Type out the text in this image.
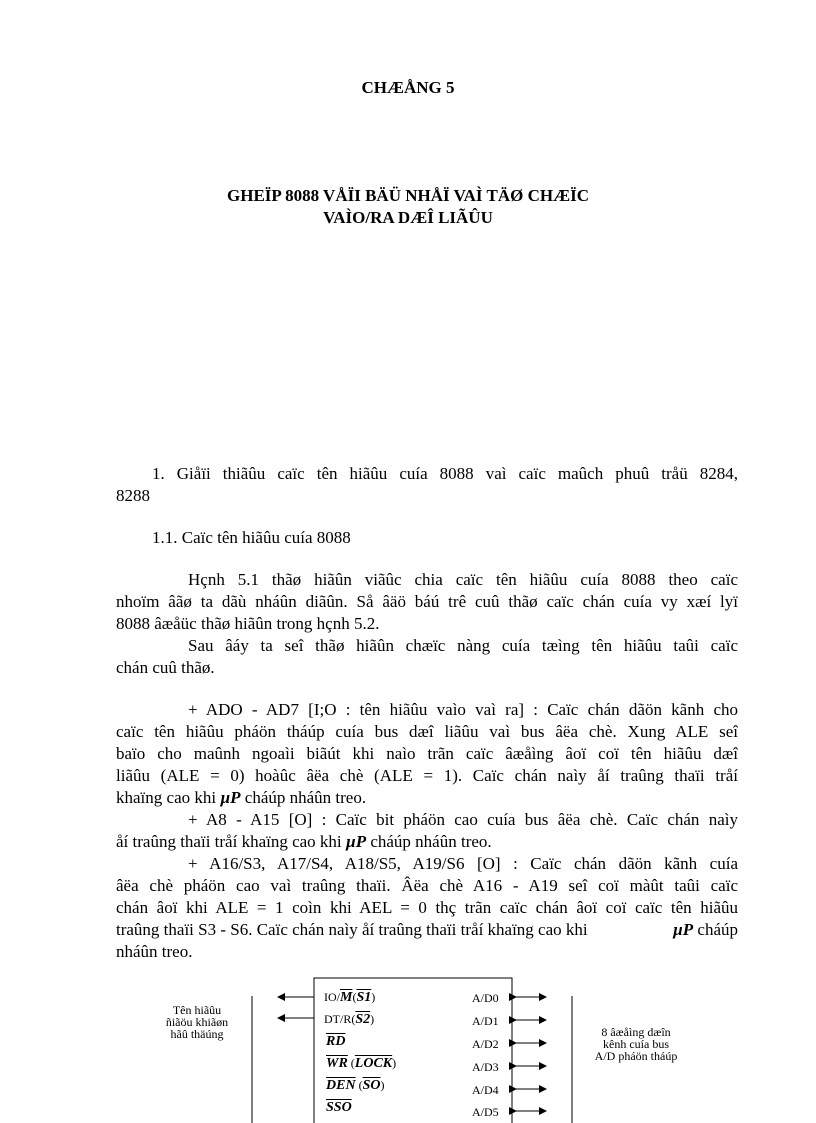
CHÆÅNG 5
GHEÏP 8088 VÅÏI BÄÜ NHÅÏ VAÌ TÄØ CHÆÏC
VAÌO/RA DÆÎ LIÃÛU
1. Giåïi thiãûu caïc tên hiãûu cuía 8088 vaì caïc maûch phuû tråü 8284,
8288
1.1. Caïc tên hiãûu cuía 8088
Hçnh 5.1 thãø hiãûn viãûc chia caïc tên hiãûu cuía 8088 theo caïc
nhoïm âãø ta dãù nháûn diãûn. Så âäö báú trê cuû thãø caïc chán cuía vy xæí lyï
8088 âæåüc thãø hiãûn trong hçnh 5.2.
Sau âáy ta seî thãø hiãûn chæïc nàng cuía tæìng tên hiãûu taûi caïc
chán cuû thãø.
+ ADO - AD7 [I;O : tên hiãûu vaìo vaì ra] : Caïc chán dãön kãnh cho
caïc tên hiãûu pháön tháúp cuía bus dæî liãûu vaì bus âëa chè. Xung ALE seî
baïo cho maûnh ngoaìi biãút khi naìo trãn caïc âæåìng âoï coï tên hiãûu dæî
liãûu (ALE = 0) hoàûc âëa chè (ALE = 1). Caïc chán naìy åí traûng thaïi tråí
khaïng cao khi µP cháúp nháûn treo.
+ A8 - A15 [O] : Caïc bit pháön cao cuía bus âëa chè. Caïc chán naìy
åí traûng thaïi tråí khaïng cao khi µP cháúp nháûn treo.
+ A16/S3, A17/S4, A18/S5, A19/S6 [O] : Caïc chán dãön kãnh cuía
âëa chè pháön cao vaì traûng thaïi. Âëa chè A16 - A19 seî coï màût taûi caïc
chán âoï khi ALE = 1 coìn khi AEL = 0 thç trãn caïc chán âoï coï caïc tên hiãûu
traûng thaïi S3 - S6. Caïc chán naìy åí traûng thaïi tråí khaïng cao khi	µP cháúp
nháûn treo.
Tên hiãûu ñiãöu khiãøn hãû thäúng	8 âæåìng dæîn kênh cuía bus A/D pháön tháúp
$IO/\overline{M}(S1)$
DT/R(S2)
$\overline{RD}$
$\overline{WR}$ (LOCK)
$\overline{DEN}$ $(\overline{SO})$
$\overline{SSO}$
A/D0
A/D1
A/D2
A/D3
A/D4
A/D5
